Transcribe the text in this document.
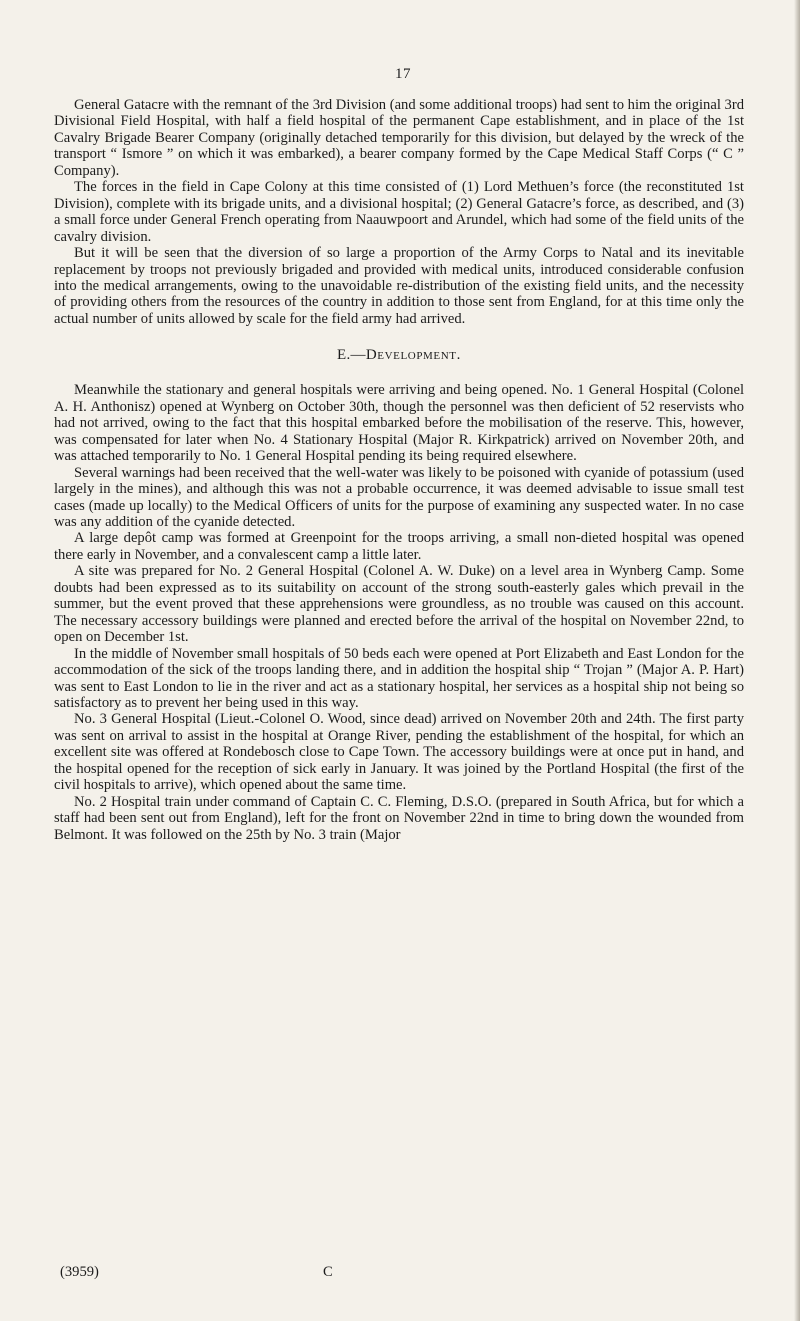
17

General Gatacre with the remnant of the 3rd Division (and some additional troops) had sent to him the original 3rd Divisional Field Hospital, with half a field hospital of the permanent Cape establishment, and in place of the 1st Cavalry Brigade Bearer Company (originally detached temporarily for this division, but delayed by the wreck of the transport “ Ismore ” on which it was embarked), a bearer company formed by the Cape Medical Staff Corps (“ C ” Company).

The forces in the field in Cape Colony at this time consisted of (1) Lord Methuen’s force (the reconstituted 1st Division), complete with its brigade units, and a divisional hospital; (2) General Gatacre’s force, as described, and (3) a small force under General French operating from Naauwpoort and Arundel, which had some of the field units of the cavalry division.

But it will be seen that the diversion of so large a proportion of the Army Corps to Natal and its inevitable replacement by troops not previously brigaded and provided with medical units, introduced considerable confusion into the medical arrangements, owing to the unavoidable re-distribution of the existing field units, and the necessity of providing others from the resources of the country in addition to those sent from England, for at this time only the actual number of units allowed by scale for the field army had arrived.

E.—Development.

Meanwhile the stationary and general hospitals were arriving and being opened. No. 1 General Hospital (Colonel A. H. Anthonisz) opened at Wynberg on October 30th, though the personnel was then deficient of 52 reservists who had not arrived, owing to the fact that this hospital embarked before the mobilisation of the reserve. This, however, was compensated for later when No. 4 Stationary Hospital (Major R. Kirkpatrick) arrived on November 20th, and was attached temporarily to No. 1 General Hospital pending its being required elsewhere.

Several warnings had been received that the well-water was likely to be poisoned with cyanide of potassium (used largely in the mines), and although this was not a probable occurrence, it was deemed advisable to issue small test cases (made up locally) to the Medical Officers of units for the purpose of examining any suspected water. In no case was any addition of the cyanide detected.

A large depôt camp was formed at Greenpoint for the troops arriving, a small non-dieted hospital was opened there early in November, and a convalescent camp a little later.

A site was prepared for No. 2 General Hospital (Colonel A. W. Duke) on a level area in Wynberg Camp. Some doubts had been expressed as to its suitability on account of the strong south-easterly gales which prevail in the summer, but the event proved that these apprehensions were groundless, as no trouble was caused on this account. The necessary accessory buildings were planned and erected before the arrival of the hospital on November 22nd, to open on December 1st.

In the middle of November small hospitals of 50 beds each were opened at Port Elizabeth and East London for the accommodation of the sick of the troops landing there, and in addition the hospital ship “ Trojan ” (Major A. P. Hart) was sent to East London to lie in the river and act as a stationary hospital, her services as a hospital ship not being so satisfactory as to prevent her being used in this way.

No. 3 General Hospital (Lieut.-Colonel O. Wood, since dead) arrived on November 20th and 24th. The first party was sent on arrival to assist in the hospital at Orange River, pending the establishment of the hospital, for which an excellent site was offered at Rondebosch close to Cape Town. The accessory buildings were at once put in hand, and the hospital opened for the reception of sick early in January. It was joined by the Portland Hospital (the first of the civil hospitals to arrive), which opened about the same time.

No. 2 Hospital train under command of Captain C. C. Fleming, D.S.O. (prepared in South Africa, but for which a staff had been sent out from England), left for the front on November 22nd in time to bring down the wounded from Belmont. It was followed on the 25th by No. 3 train (Major

(3959)	C
